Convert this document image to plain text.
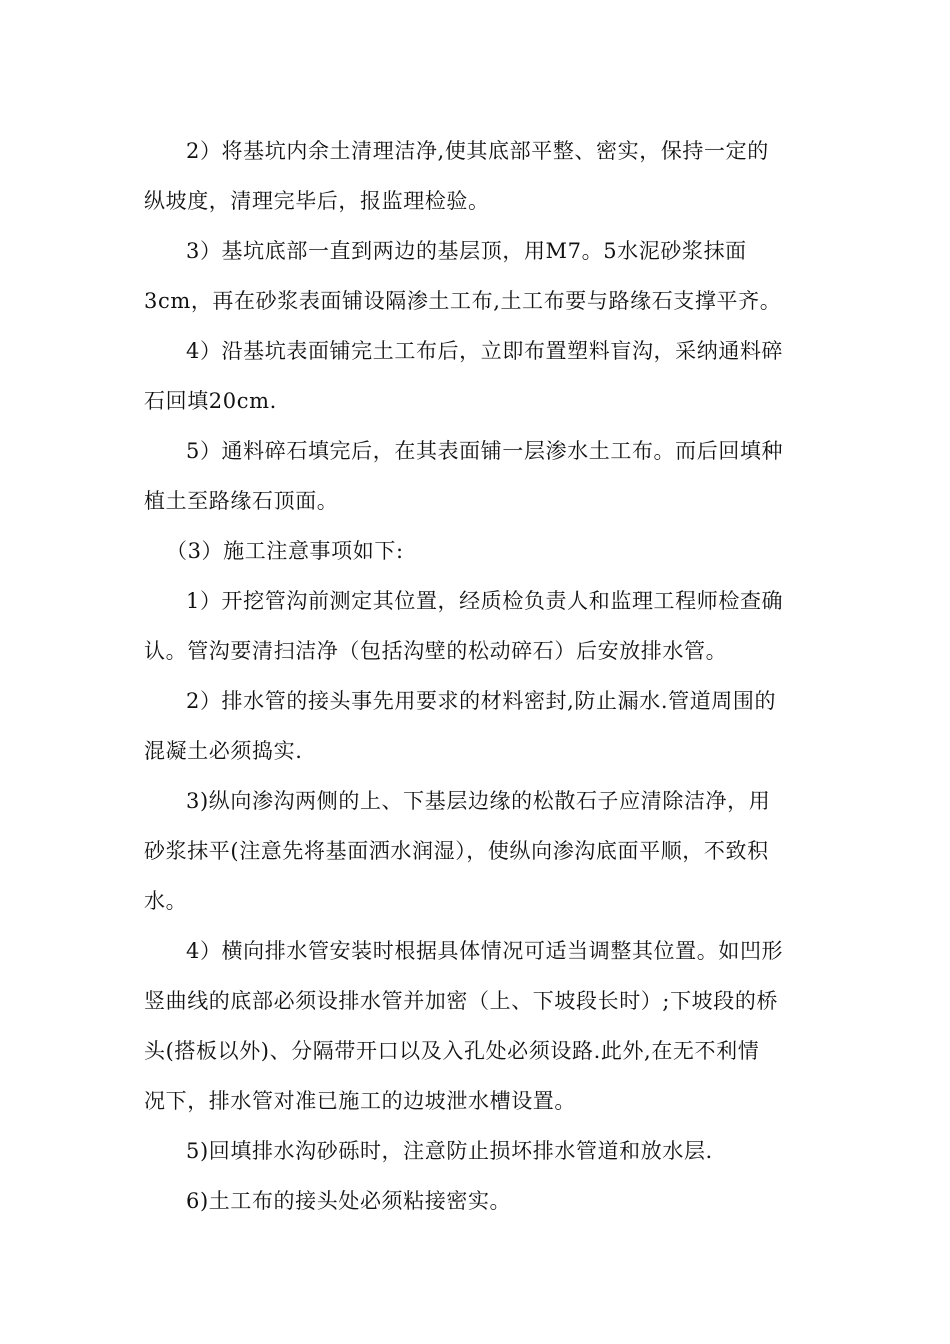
2）将基坑内余土清理洁净,使其底部平整、密实，保持一定的
纵坡度，清理完毕后，报监理检验。
3）基坑底部一直到两边的基层顶，用M7。5水泥砂浆抹面
3cm，再在砂浆表面铺设隔渗土工布,土工布要与路缘石支撑平齐。
4）沿基坑表面铺完土工布后，立即布置塑料盲沟，采纳通料碎
石回填20cm.
5）通料碎石填完后，在其表面铺一层渗水土工布。而后回填种
植土至路缘石顶面。
（3）施工注意事项如下:
1）开挖管沟前测定其位置，经质检负责人和监理工程师检查确
认。管沟要清扫洁净（包括沟壁的松动碎石）后安放排水管。
2）排水管的接头事先用要求的材料密封,防止漏水.管道周围的
混凝土必须捣实.
3)纵向渗沟两侧的上、下基层边缘的松散石子应清除洁净，用
砂浆抹平(注意先将基面洒水润湿），使纵向渗沟底面平顺，不致积
水。
4）横向排水管安装时根据具体情况可适当调整其位置。如凹形
竖曲线的底部必须设排水管并加密（上、下坡段长时）;下坡段的桥
头(搭板以外)、分隔带开口以及入孔处必须设路.此外,在无不利情
况下，排水管对准已施工的边坡泄水槽设置。
5)回填排水沟砂砾时，注意防止损坏排水管道和放水层.
6)土工布的接头处必须粘接密实。
